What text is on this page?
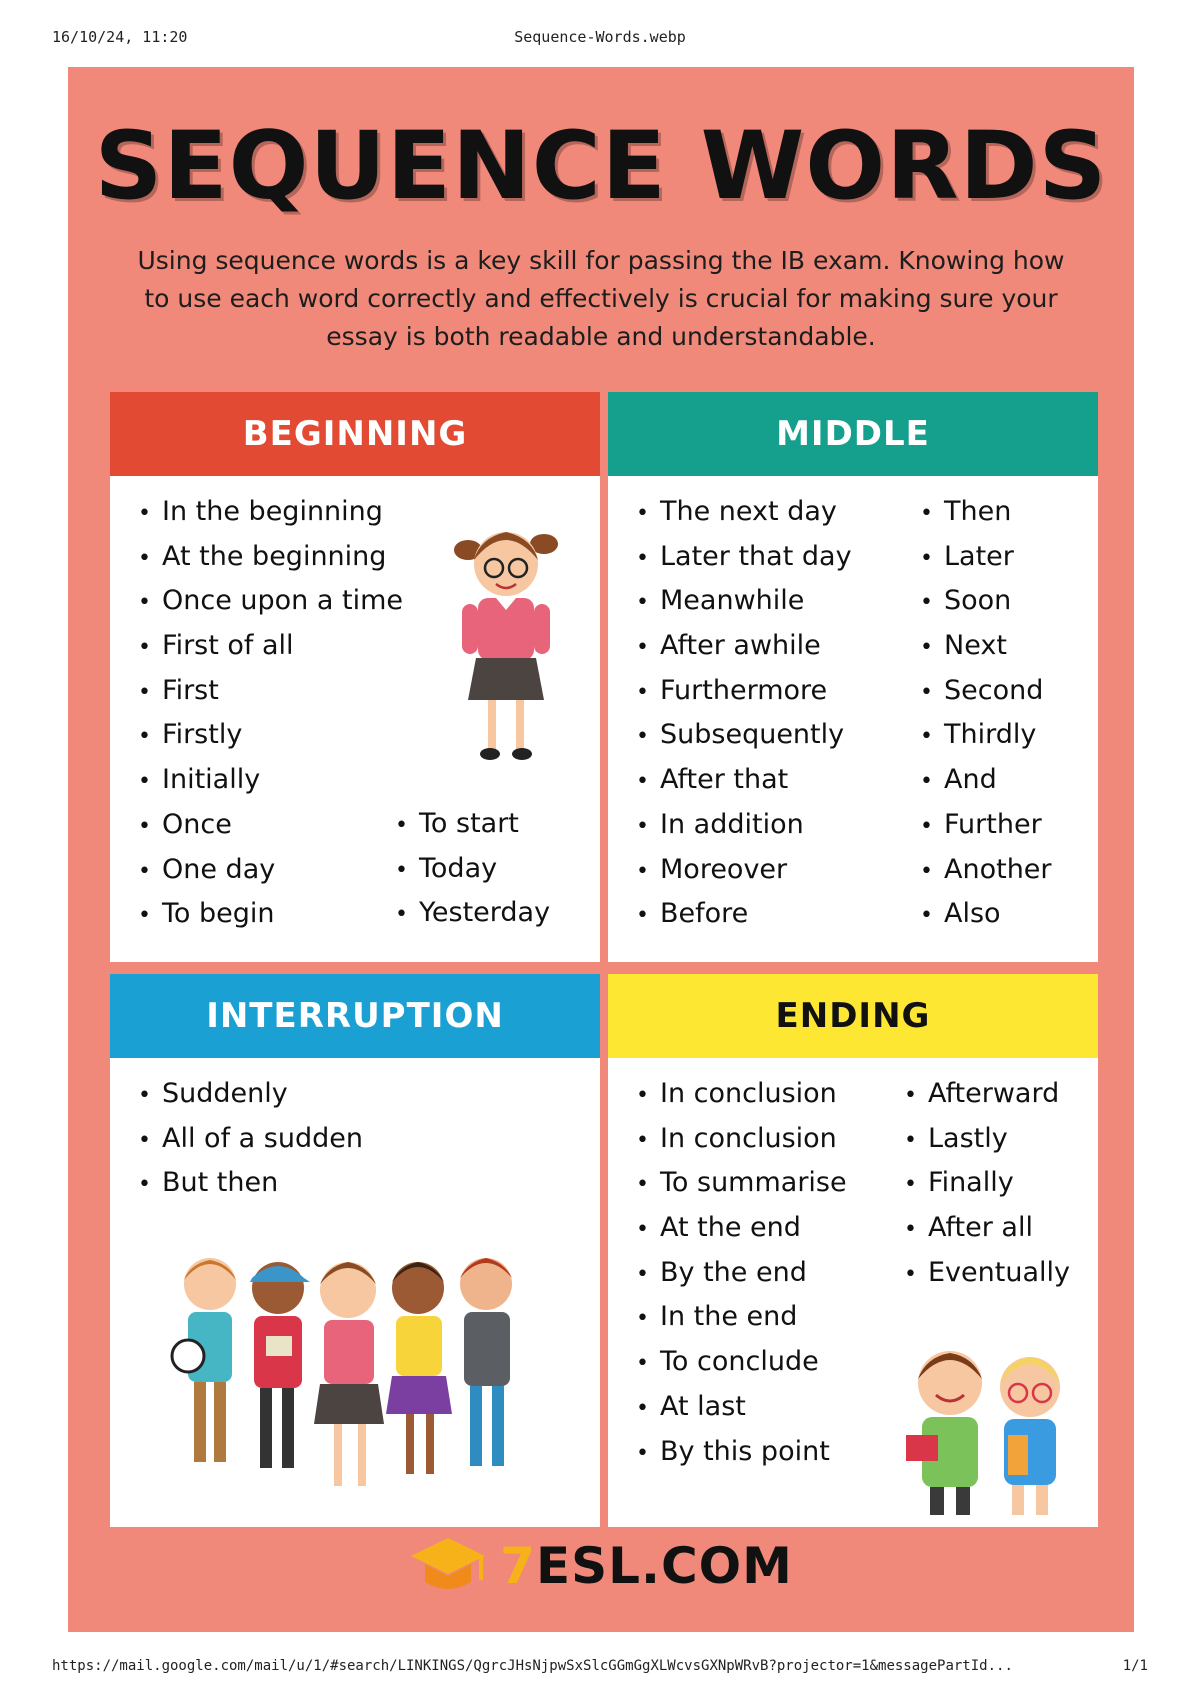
16/10/24, 11:20	Sequence-Words.webp
SEQUENCE WORDS
Using sequence words is a key skill for passing the IB exam. Knowing how to use each word correctly and effectively is crucial for making sure your essay is both readable and understandable.
BEGINNING
• In the beginning
• At the beginning
• Once upon a time
• First of all
• First
• Firstly
• Initially
• Once
• One day
• To begin
• To start
• Today
• Yesterday
MIDDLE
• The next day
• Later that day
• Meanwhile
• After awhile
• Furthermore
• Subsequently
• After that
• In addition
• Moreover
• Before
• Then
• Later
• Soon
• Next
• Second
• Thirdly
• And
• Further
• Another
• Also
INTERRUPTION
• Suddenly
• All of a sudden
• But then
ENDING
• In conclusion
• In conclusion
• To summarise
• At the end
• By the end
• In the end
• To conclude
• At last
• By this point
• Afterward
• Lastly
• Finally
• After all
• Eventually
7ESL.COM
https://mail.google.com/mail/u/1/#search/LINKINGS/QgrcJHsNjpwSxSlcGGmGgXLWcvsGXNpWRvB?projector=1&messagePartId...	1/1
